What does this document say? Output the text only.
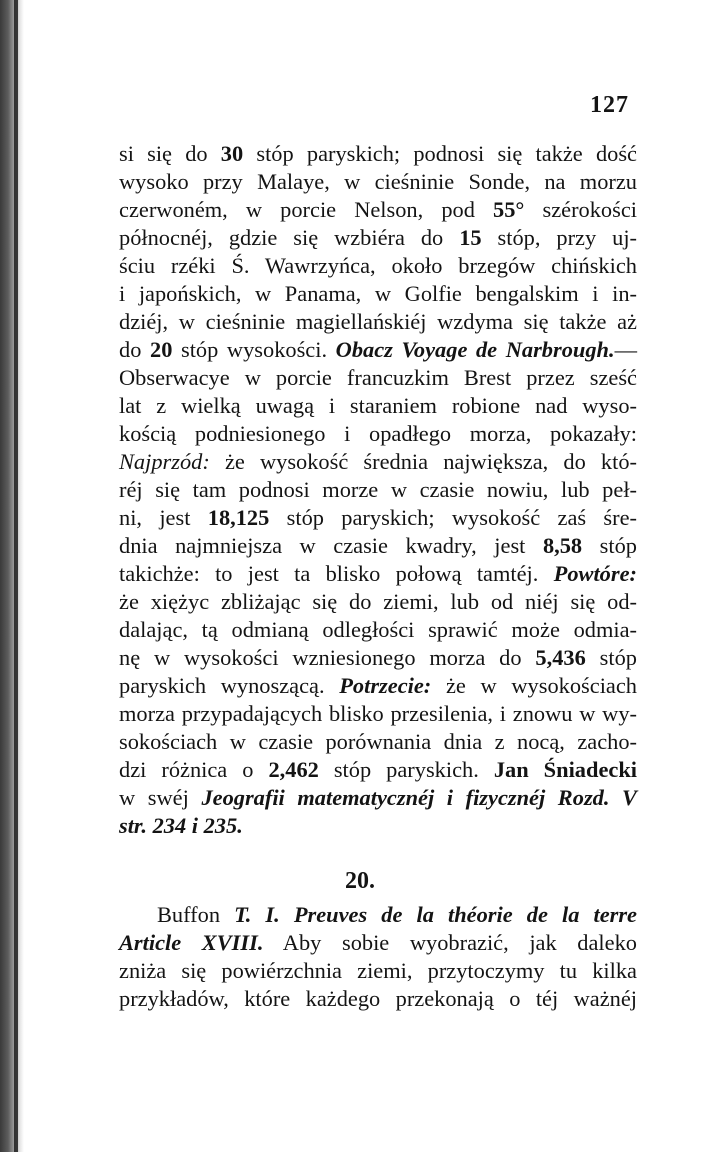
127
si się do 30 stóp paryskich; podnosi się także dość
wysoko przy Malaye, w cieśninie Sonde, na morzu
czerwoném, w porcie Nelson, pod 55° szérokości
północnéj, gdzie się wzbiéra do 15 stóp, przy uj-
ściu rzéki Ś. Wawrzyńca, około brzegów chińskich
i japońskich, w Panama, w Golfie bengalskim i in-
dziéj, w cieśninie magiellańskiéj wzdyma się także aż
do 20 stóp wysokości. Obacz Voyage de Narbrough.—
Obserwacye w porcie francuzkim Brest przez sześć
lat z wielką uwagą i staraniem robione nad wyso-
kością podniesionego i opadłego morza, pokazały:
Najprzód: że wysokość średnia największa, do któ-
réj się tam podnosi morze w czasie nowiu, lub peł-
ni, jest 18,125 stóp paryskich; wysokość zaś śre-
dnia najmniejsza w czasie kwadry, jest 8,58 stóp
takichże: to jest ta blisko połową tamtéj. Powtóre:
że xiężyc zbliżając się do ziemi, lub od niéj się od-
dalając, tą odmianą odległości sprawić może odmia-
nę w wysokości wzniesionego morza do 5,436 stóp
paryskich wynoszącą. Potrzecie: że w wysokościach
morza przypadających blisko przesilenia, i znowu w wy-
sokościach w czasie porównania dnia z nocą, zacho-
dzi różnica o 2,462 stóp paryskich. Jan Śniadecki
w swéj Jeografii matematycznéj i fizycznéj Rozd. V
str. 234 i 235.
20.
Buffon T. I. Preuves de la théorie de la terre
Article XVIII. Aby sobie wyobrazić, jak daleko
zniża się powiérzchnia ziemi, przytoczymy tu kilka
przykładów, które każdego przekonają o téj ważnéj
